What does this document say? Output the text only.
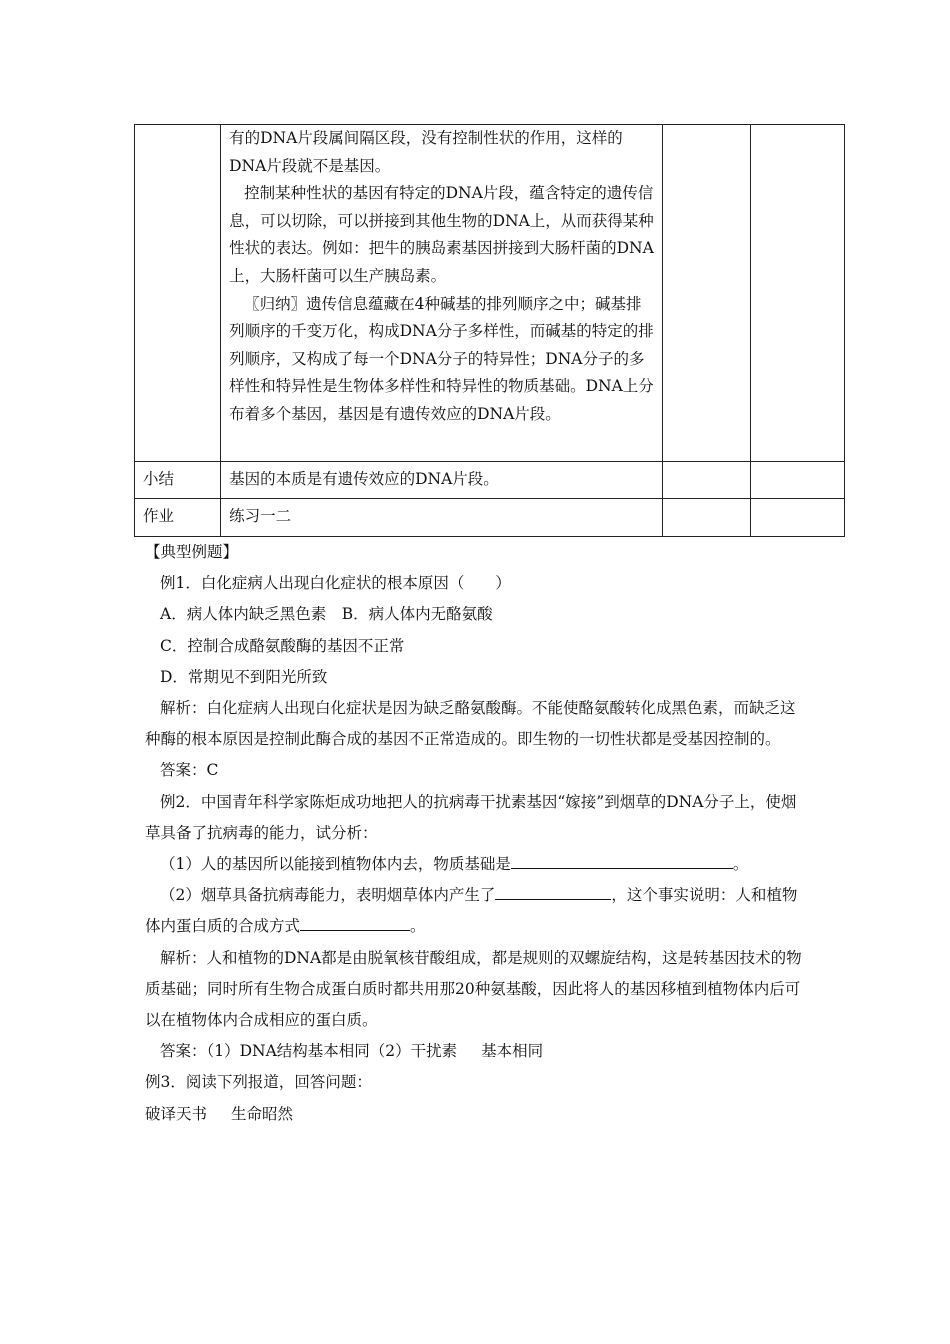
	有的DNA片段属间隔区段，没有控制性状的作用，这样的DNA片段就不是基因。

控制某种性状的基因有特定的DNA片段，蕴含特定的遗传信息，可以切除，可以拼接到其他生物的DNA上，从而获得某种性状的表达。例如：把牛的胰岛素基因拼接到大肠杆菌的DNA上，大肠杆菌可以生产胰岛素。

〖归纳〗遗传信息蕴藏在4种碱基的排列顺序之中；碱基排列顺序的千变万化，构成DNA分子多样性，而碱基的特定的排列顺序，又构成了每一个DNA分子的特异性；DNA分子的多样性和特异性是生物体多样性和特异性的物质基础。DNA上分布着多个基因，基因是有遗传效应的DNA片段。		

小结	基因的本质是有遗传效应的DNA片段。		

作业	练习一二		

【典型例题】

例1．白化症病人出现白化症状的根本原因（　　）

A．病人体内缺乏黑色素　B．病人体内无酪氨酸

C．控制合成酪氨酸酶的基因不正常

D．常期见不到阳光所致

解析：白化症病人出现白化症状是因为缺乏酪氨酸酶。不能使酪氨酸转化成黑色素，而缺乏这种酶的根本原因是控制此酶合成的基因不正常造成的。即生物的一切性状都是受基因控制的。

答案：C

例2．中国青年科学家陈炬成功地把人的抗病毒干扰素基因“嫁接”到烟草的DNA分子上，使烟草具备了抗病毒的能力，试分析：

（1）人的基因所以能接到植物体内去，物质基础是	。

（2）烟草具备抗病毒能力，表明烟草体内产生了	，这个事实说明：人和植物体内蛋白质的合成方式	。

解析：人和植物的DNA都是由脱氧核苷酸组成，都是规则的双螺旋结构，这是转基因技术的物质基础；同时所有生物合成蛋白质时都共用那20种氨基酸，因此将人的基因移植到植物体内后可以在植物体内合成相应的蛋白质。

答案：（1）DNA结构基本相同（2）干扰素 基本相同

例3．阅读下列报道，回答问题：

破译天书 生命昭然
